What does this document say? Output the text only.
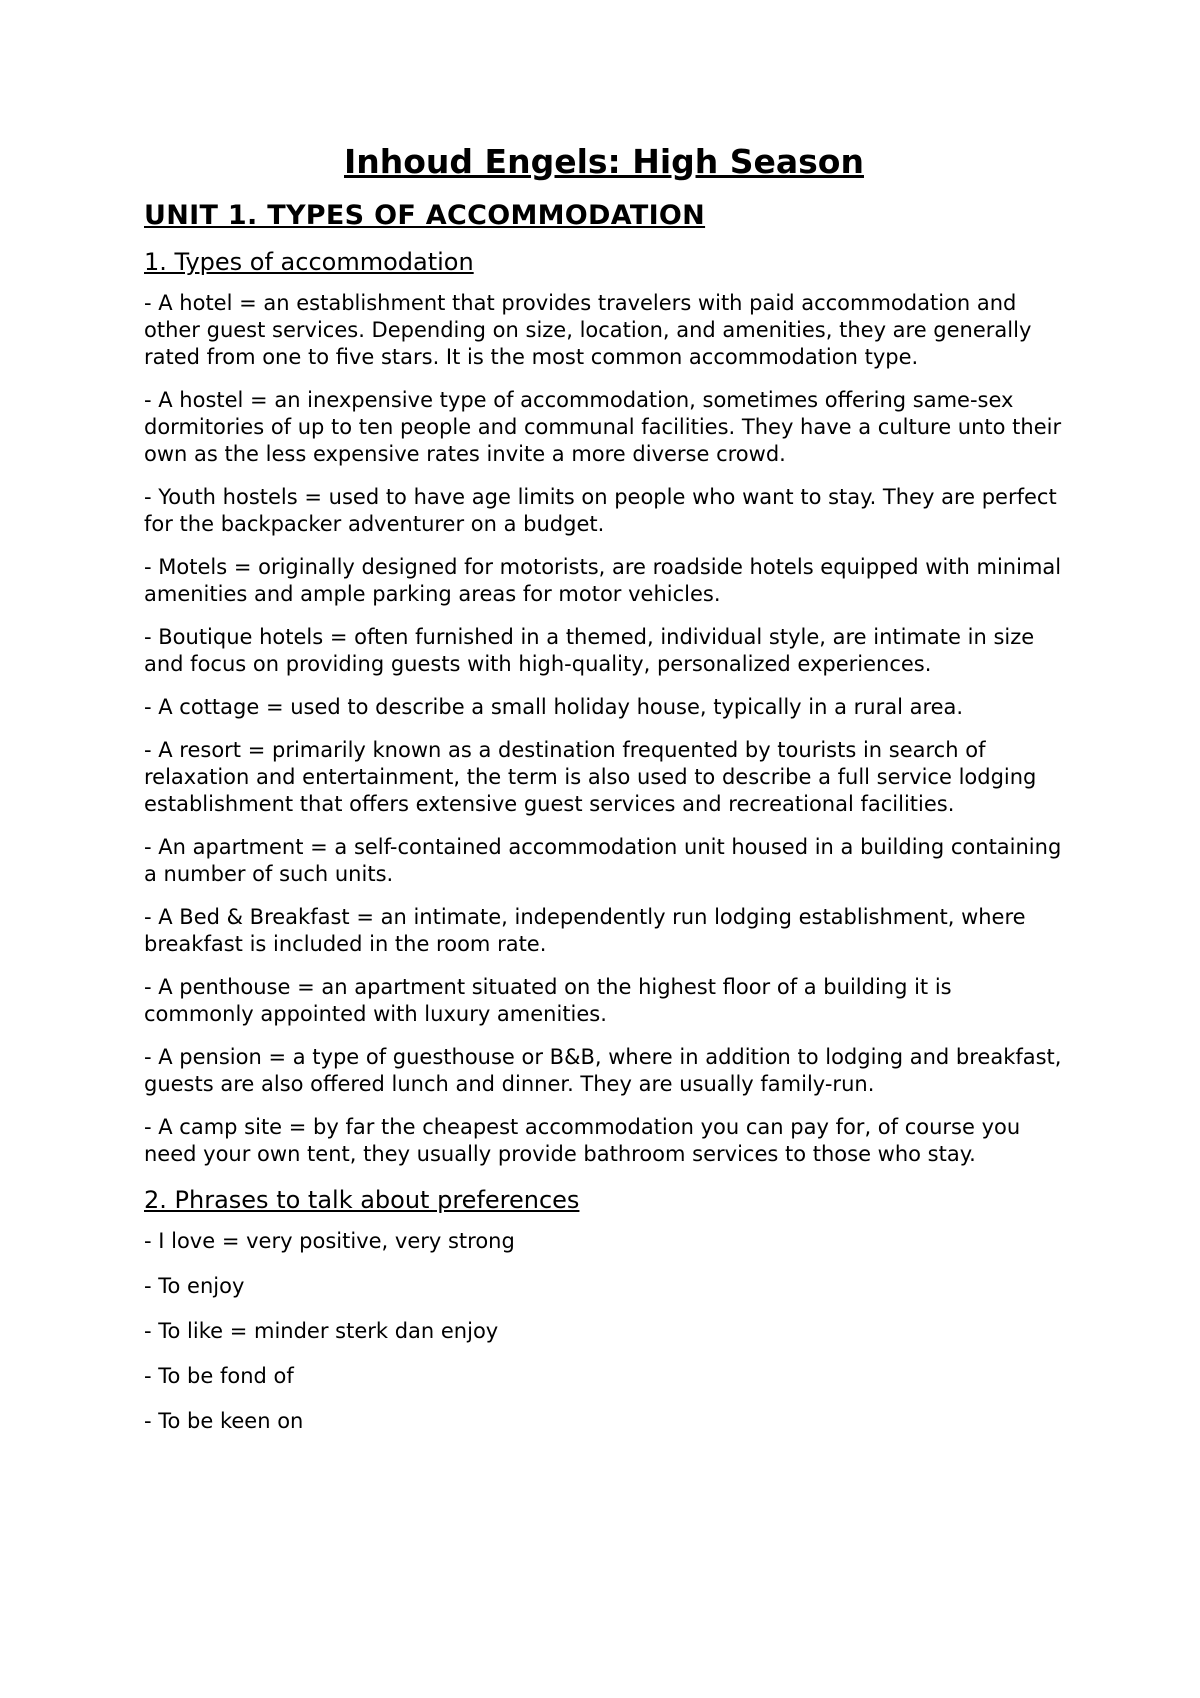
Inhoud Engels: High Season
UNIT 1. TYPES OF ACCOMMODATION
1. Types of accommodation

- A hotel = an establishment that provides travelers with paid accommodation and other guest services. Depending on size, location, and amenities, they are generally rated from one to five stars. It is the most common accommodation type.

- A hostel = an inexpensive type of accommodation, sometimes offering same-sex dormitories of up to ten people and communal facilities. They have a culture unto their own as the less expensive rates invite a more diverse crowd.

- Youth hostels = used to have age limits on people who want to stay. They are perfect for the backpacker adventurer on a budget.

- Motels = originally designed for motorists, are roadside hotels equipped with minimal amenities and ample parking areas for motor vehicles.

- Boutique hotels = often furnished in a themed, individual style, are intimate in size and focus on providing guests with high-quality, personalized experiences.

- A cottage = used to describe a small holiday house, typically in a rural area.

- A resort = primarily known as a destination frequented by tourists in search of relaxation and entertainment, the term is also used to describe a full service lodging establishment that offers extensive guest services and recreational facilities.

- An apartment = a self-contained accommodation unit housed in a building containing a number of such units.

- A Bed & Breakfast = an intimate, independently run lodging establishment, where breakfast is included in the room rate.

- A penthouse = an apartment situated on the highest floor of a building it is commonly appointed with luxury amenities.

- A pension = a type of guesthouse or B&B, where in addition to lodging and breakfast, guests are also offered lunch and dinner. They are usually family-run.

- A camp site = by far the cheapest accommodation you can pay for, of course you need your own tent, they usually provide bathroom services to those who stay.

2. Phrases to talk about preferences

- I love = very positive, very strong

- To enjoy

- To like = minder sterk dan enjoy

- To be fond of

- To be keen on
